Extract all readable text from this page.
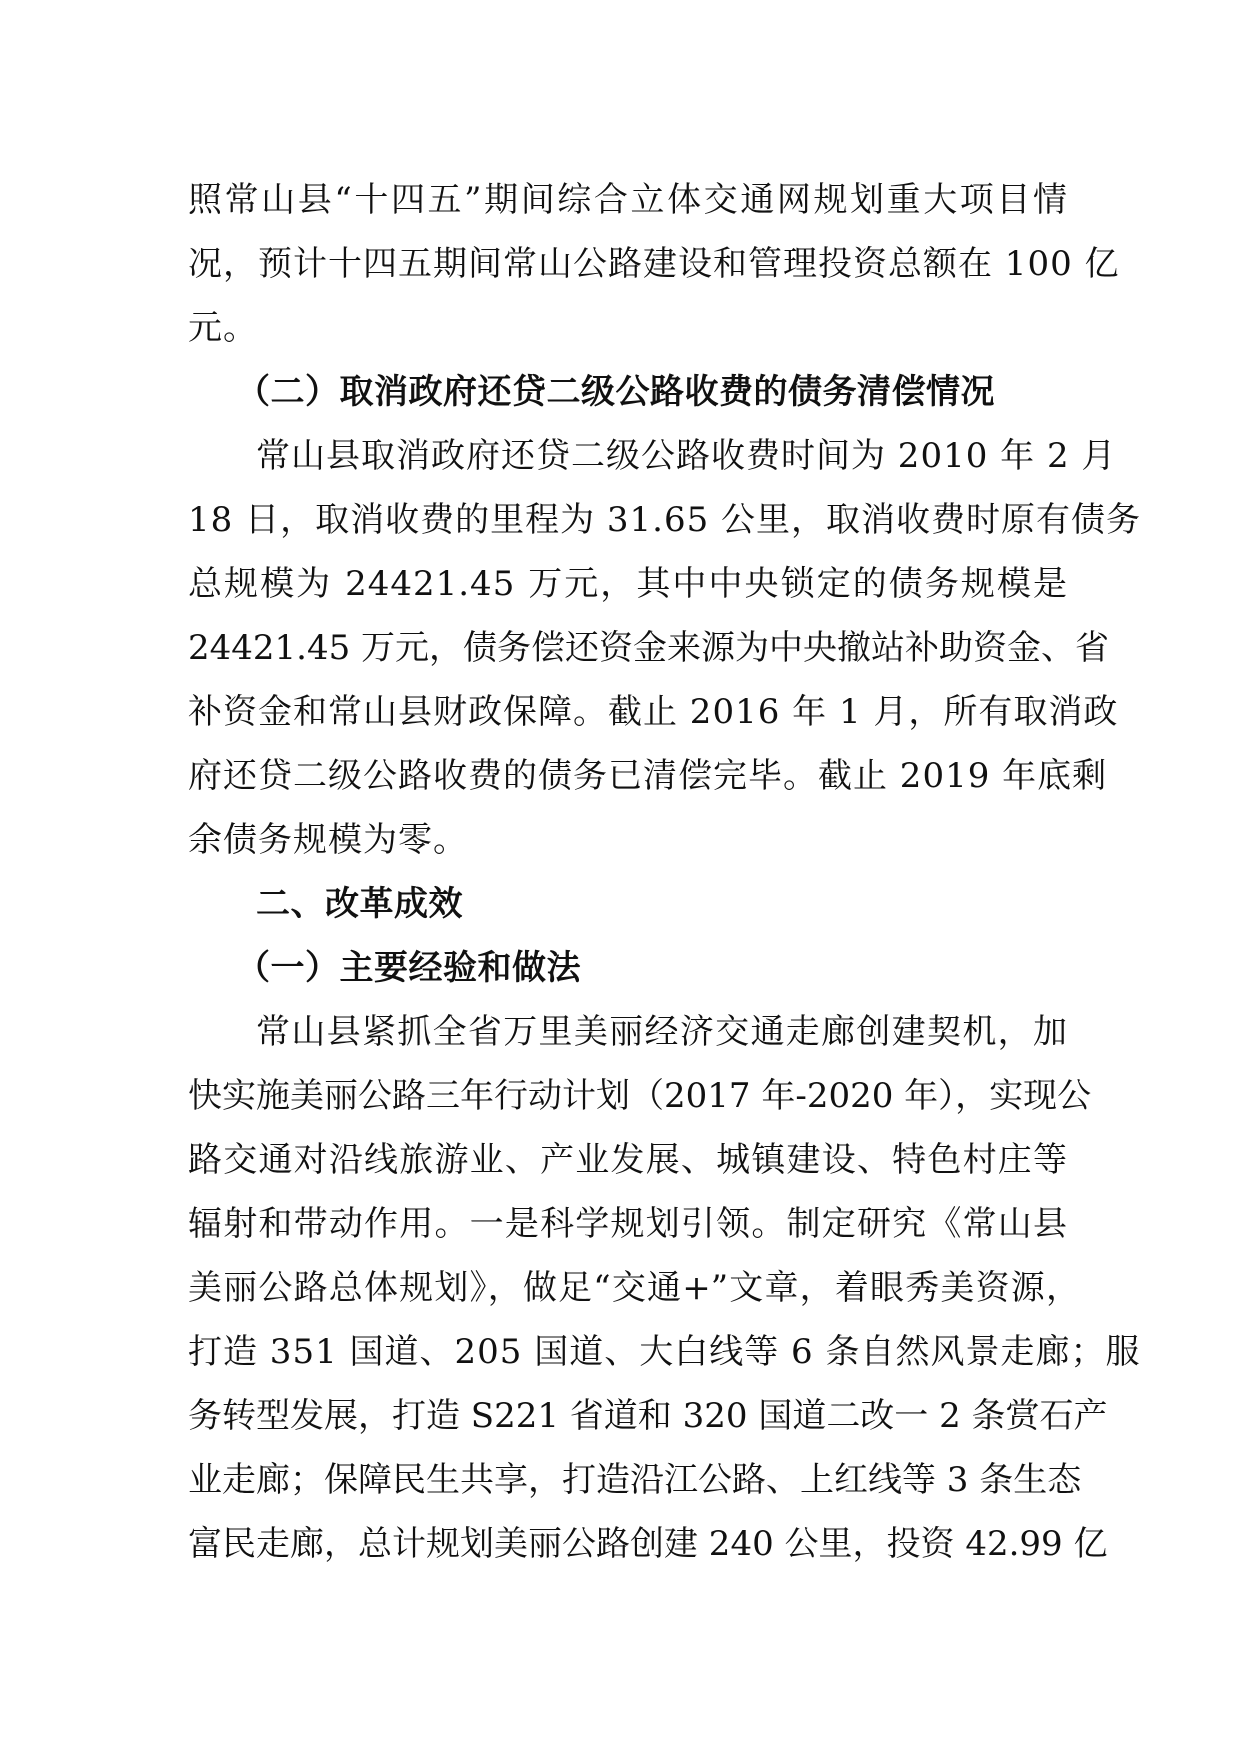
照常山县“十四五”期间综合立体交通网规划重大项目情
况，预计十四五期间常山公路建设和管理投资总额在 100 亿
元。
（二）取消政府还贷二级公路收费的债务清偿情况
常山县取消政府还贷二级公路收费时间为 2010 年 2 月
18 日，取消收费的里程为 31.65 公里，取消收费时原有债务
总规模为 24421.45 万元，其中中央锁定的债务规模是
24421.45 万元，债务偿还资金来源为中央撤站补助资金、省
补资金和常山县财政保障。截止 2016 年 1 月，所有取消政
府还贷二级公路收费的债务已清偿完毕。截止 2019 年底剩
余债务规模为零。
二、改革成效
（一）主要经验和做法
常山县紧抓全省万里美丽经济交通走廊创建契机，加
快实施美丽公路三年行动计划（2017 年-2020 年），实现公
路交通对沿线旅游业、产业发展、城镇建设、特色村庄等
辐射和带动作用。一是科学规划引领。制定研究《常山县
美丽公路总体规划》，做足“交通+”文章，着眼秀美资源，
打造 351 国道、205 国道、大白线等 6 条自然风景走廊；服
务转型发展，打造 S221 省道和 320 国道二改一 2 条赏石产
业走廊；保障民生共享，打造沿江公路、上红线等 3 条生态
富民走廊，总计规划美丽公路创建 240 公里，投资 42.99 亿
